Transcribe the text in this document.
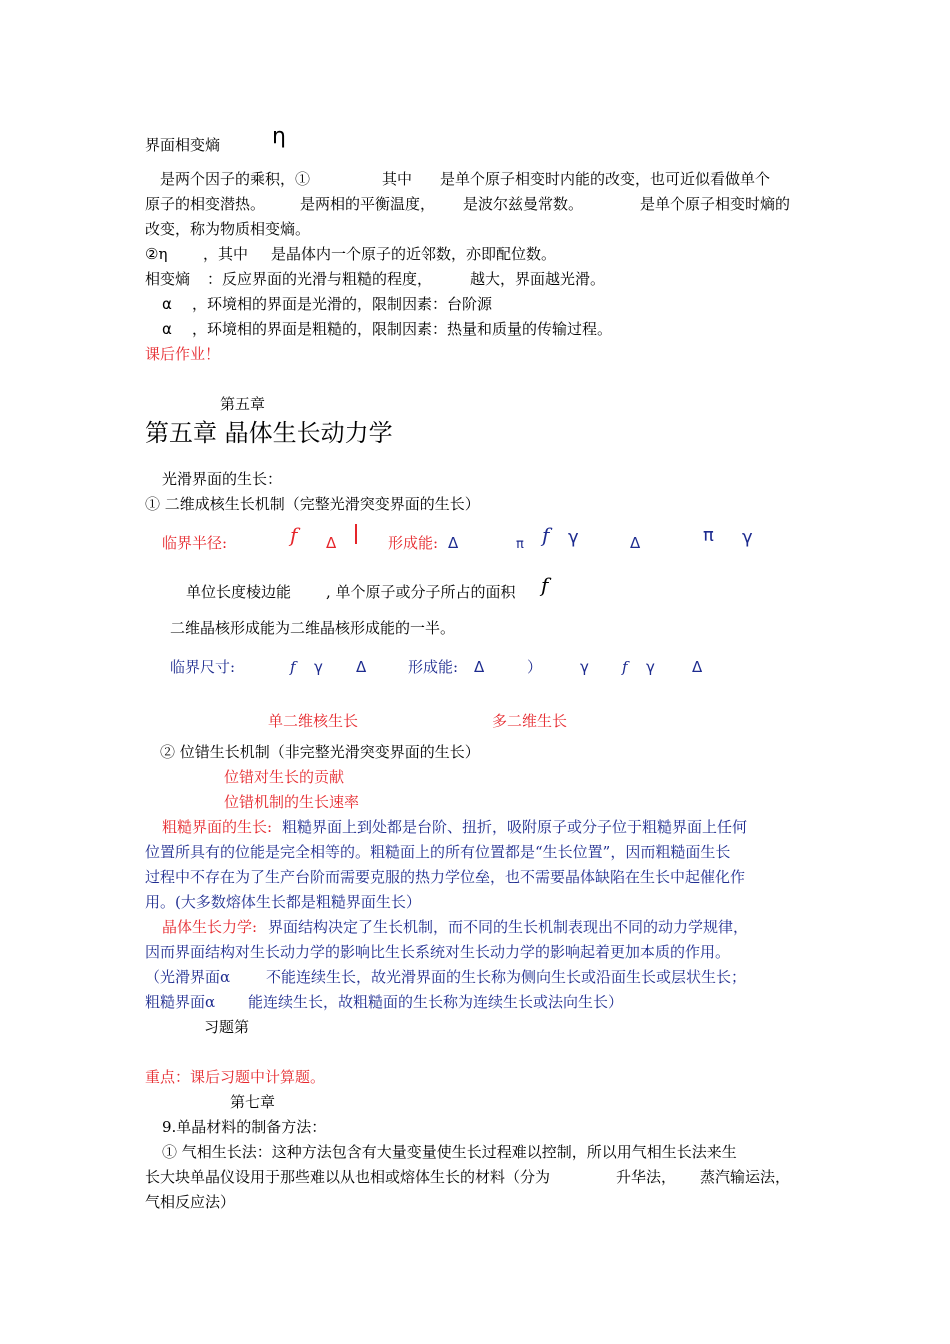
界面相变熵 η
是两个因子的乘积，①	其中 是单个原子相变时内能的改变，也可近似看做单个
原子的相变潜热。 是两相的平衡温度， 是波尔兹曼常数。	是单个原子相变时熵的
改变，称为物质相变熵。
②η ，其中 是晶体内一个原子的近邻数，亦即配位数。
相变熵 ：反应界面的光滑与粗糙的程度，	越大，界面越光滑。
α ，环境相的界面是光滑的，限制因素：台阶源
α ，环境相的界面是粗糙的，限制因素：热量和质量的传输过程。
课后作业！
第五章
第五章 晶体生长动力学
光滑界面的生长：
① 二维成核生长机制（完整光滑突变界面的生长）
临界半径:	f Δ	形成能: Δ	π f γ	Δ	π γ
单位长度棱边能 , 单个原子或分子所占的面积 f
二维晶核形成能为二维晶核形成能的一半。
临界尺寸:	f γ Δ	形成能: Δ	）	γ f γ Δ
单二维核生长	多二维生长
② 位错生长机制（非完整光滑突变界面的生长）
位错对生长的贡献
位错机制的生长速率
粗糙界面的生长: 粗糙界面上到处都是台阶、扭折，吸附原子或分子位于粗糙界面上任何
位置所具有的位能是完全相等的。粗糙面上的所有位置都是“生长位置”，因而粗糙面生长
过程中不存在为了生产台阶而需要克服的热力学位垒，也不需要晶体缺陷在生长中起催化作
用。(大多数熔体生长都是粗糙界面生长）
晶体生长力学: 界面结构决定了生长机制，而不同的生长机制表现出不同的动力学规律，
因而界面结构对生长动力学的影响比生长系统对生长动力学的影响起着更加本质的作用。
（光滑界面α 不能连续生长，故光滑界面的生长称为侧向生长或沿面生长或层状生长；
粗糙界面α 能连续生长，故粗糙面的生长称为连续生长或法向生长）
习题第
重点：课后习题中计算题。
第七章
9.单晶材料的制备方法：
① 气相生长法：这种方法包含有大量变量使生长过程难以控制，所以用气相生长法来生
长大块单晶仪设用于那些难以从也相或熔体生长的材料（分为	升华法， 蒸汽输运法，
气相反应法）
